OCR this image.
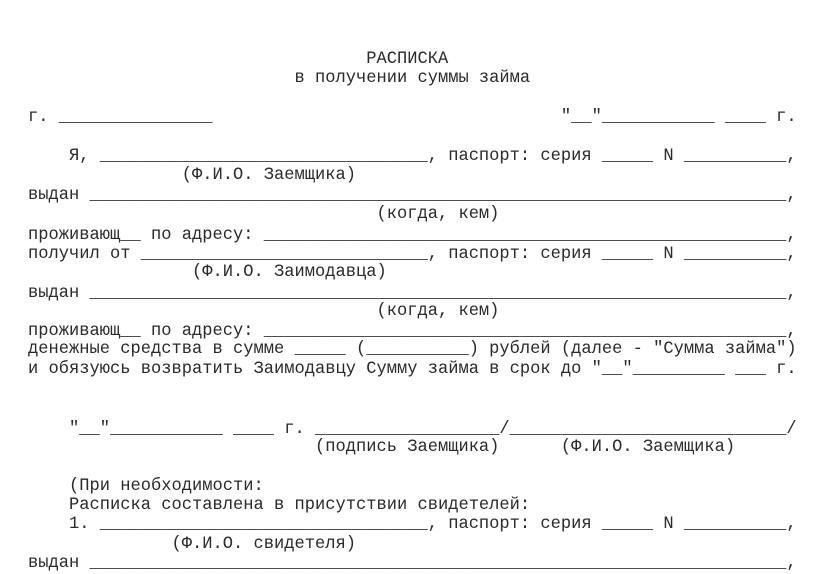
РАСПИСКА
в получении суммы займа
г. _______________                                  "__"___________ ____ г.
Я, ________________________________, паспорт: серия _____ N __________,
(Ф.И.О. Заемщика)
выдан ____________________________________________________________________,
(когда, кем)
проживающ__ по адресу: ___________________________________________________,
получил от ____________________________, паспорт: серия _____ N __________,
(Ф.И.О. Заимодавца)
выдан ____________________________________________________________________,
(когда, кем)
проживающ__ по адресу: ___________________________________________________,
денежные средства в сумме _____ (__________) рублей (далее - "Сумма займа")
и обязуюсь возвратить Заимодавцу Сумму займа в срок до "__"_________ ___ г.
"__"___________ ____ г. __________________/___________________________/
(подпись Заемщика)      (Ф.И.О. Заемщика)
(При необходимости:
Расписка составлена в присутствии свидетелей:
1. ________________________________, паспорт: серия _____ N __________,
(Ф.И.О. свидетеля)
выдан ____________________________________________________________________,
